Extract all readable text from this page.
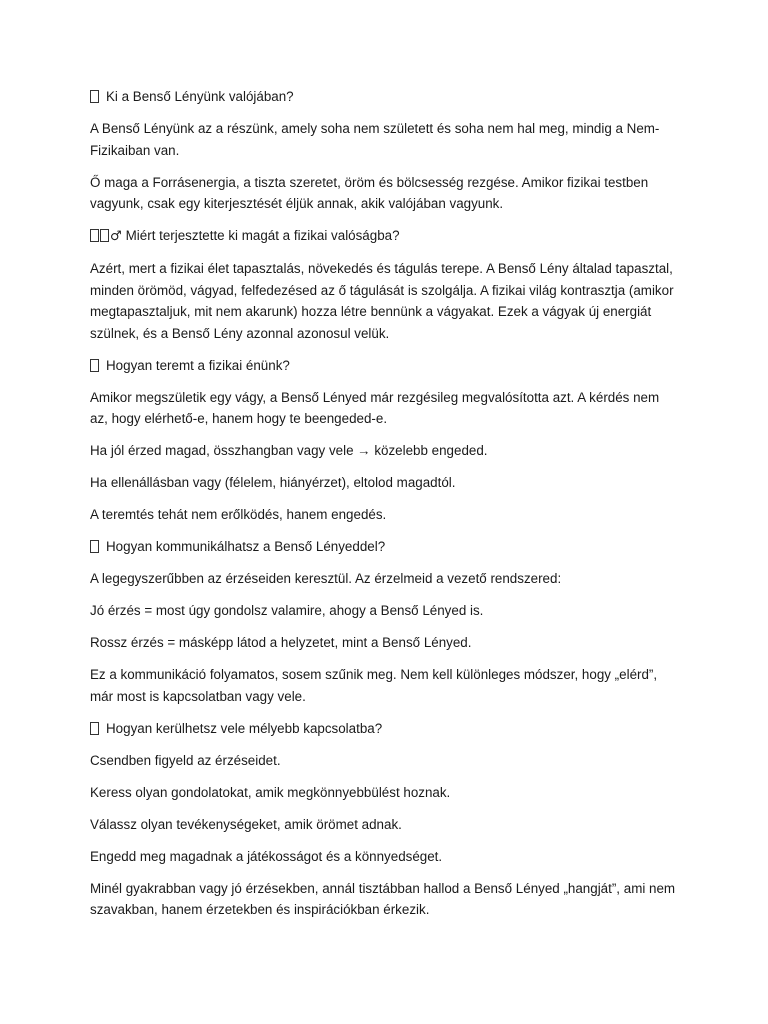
Ki a Benső Lényünk valójában?

A Benső Lényünk az a részünk, amely soha nem született és soha nem hal meg, mindig a Nem-Fizikaiban van.

Ő maga a Forrásenergia, a tiszta szeretet, öröm és bölcsesség rezgése. Amikor fizikai testben vagyunk, csak egy kiterjesztését éljük annak, akik valójában vagyunk.

♂ Miért terjesztette ki magát a fizikai valóságba?

Azért, mert a fizikai élet tapasztalás, növekedés és tágulás terepe. A Benső Lény általad tapasztal, minden örömöd, vágyad, felfedezésed az ő tágulását is szolgálja. A fizikai világ kontrasztja (amikor megtapasztaljuk, mit nem akarunk) hozza létre bennünk a vágyakat. Ezek a vágyak új energiát szülnek, és a Benső Lény azonnal azonosul velük.

Hogyan teremt a fizikai énünk?

Amikor megszületik egy vágy, a Benső Lényed már rezgésileg megvalósította azt. A kérdés nem az, hogy elérhető-e, hanem hogy te beengeded-e.

Ha jól érzed magad, összhangban vagy vele → közelebb engeded.

Ha ellenállásban vagy (félelem, hiányérzet), eltolod magadtól.

A teremtés tehát nem erőlködés, hanem engedés.

Hogyan kommunikálhatsz a Benső Lényeddel?

A legegyszerűbben az érzéseiden keresztül. Az érzelmeid a vezető rendszered:

Jó érzés = most úgy gondolsz valamire, ahogy a Benső Lényed is.

Rossz érzés = másképp látod a helyzetet, mint a Benső Lényed.

Ez a kommunikáció folyamatos, sosem szűnik meg. Nem kell különleges módszer, hogy „elérd”, már most is kapcsolatban vagy vele.

Hogyan kerülhetsz vele mélyebb kapcsolatba?

Csendben figyeld az érzéseidet.

Keress olyan gondolatokat, amik megkönnyebbülést hoznak.

Válassz olyan tevékenységeket, amik örömet adnak.

Engedd meg magadnak a játékosságot és a könnyedséget.

Minél gyakrabban vagy jó érzésekben, annál tisztábban hallod a Benső Lényed „hangját”, ami nem szavakban, hanem érzetekben és inspirációkban érkezik.
